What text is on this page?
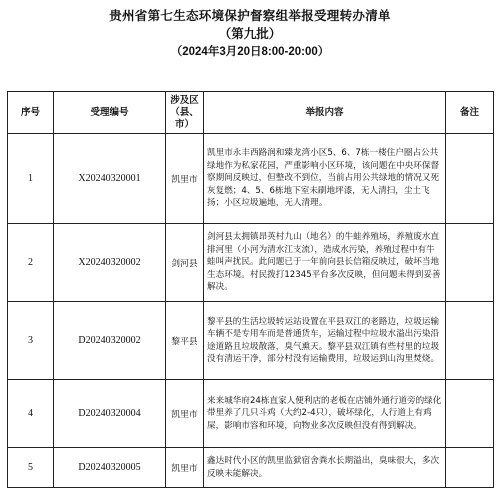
贵州省第七生态环境保护督察组举报受理转办清单
（第九批）
（2024年3月20日8:00-20:00）
序号	受理编号	涉及区
（县、
市）	举报内容	备注
1	X20240320001	凯里市	凯里市永丰西路润和臻龙湾小区5、6、7栋一楼住户圈占公共绿地作为私家花园，严重影响小区环境，该问题在中央环保督察期间反映过，但整改不到位，当前占用公共绿地的情况又死灰复燃；4、5、6栋地下室未刷地坪漆，无人清扫，尘土飞扬；小区垃圾遍地，无人清理。	

2	X20240320002	剑河县	剑河县太拥镇昂英村九山（地名）的牛蛙养殖场，养殖废水直排河里（小河为清水江支流），造成水污染，养殖过程中有牛蛙叫声扰民。此问题已于一年前向县长信箱反映过，破坏当地生态环境。村民拨打12345平台多次反映，但问题未得到妥善解决。	

3	D20240320002	黎平县	黎平县的生活垃圾转运站设置在平县双江的老路边，垃圾运输车辆不是专用车而是普通货车，运输过程中垃圾水溢出污染沿途道路且垃圾散落，臭气熏天。黎平县双江镇有些村里的垃圾没有清运干净，部分村没有运输费用，垃圾运到山沟里焚烧。	

4	D20240320004	凯里市	来来城华府24栋直家人便利店的老板在店铺外通行道旁的绿化带里养了几只斗鸡（大约2-4只），破坏绿化，人行道上有鸡屎，影响市容和环境，向物业多次反映但没有得到解决。	

5	D20240320005	凯里市	鑫达时代小区的凯里监狱宿舍粪水长期溢出，臭味很大，多次反映未能解决。	
